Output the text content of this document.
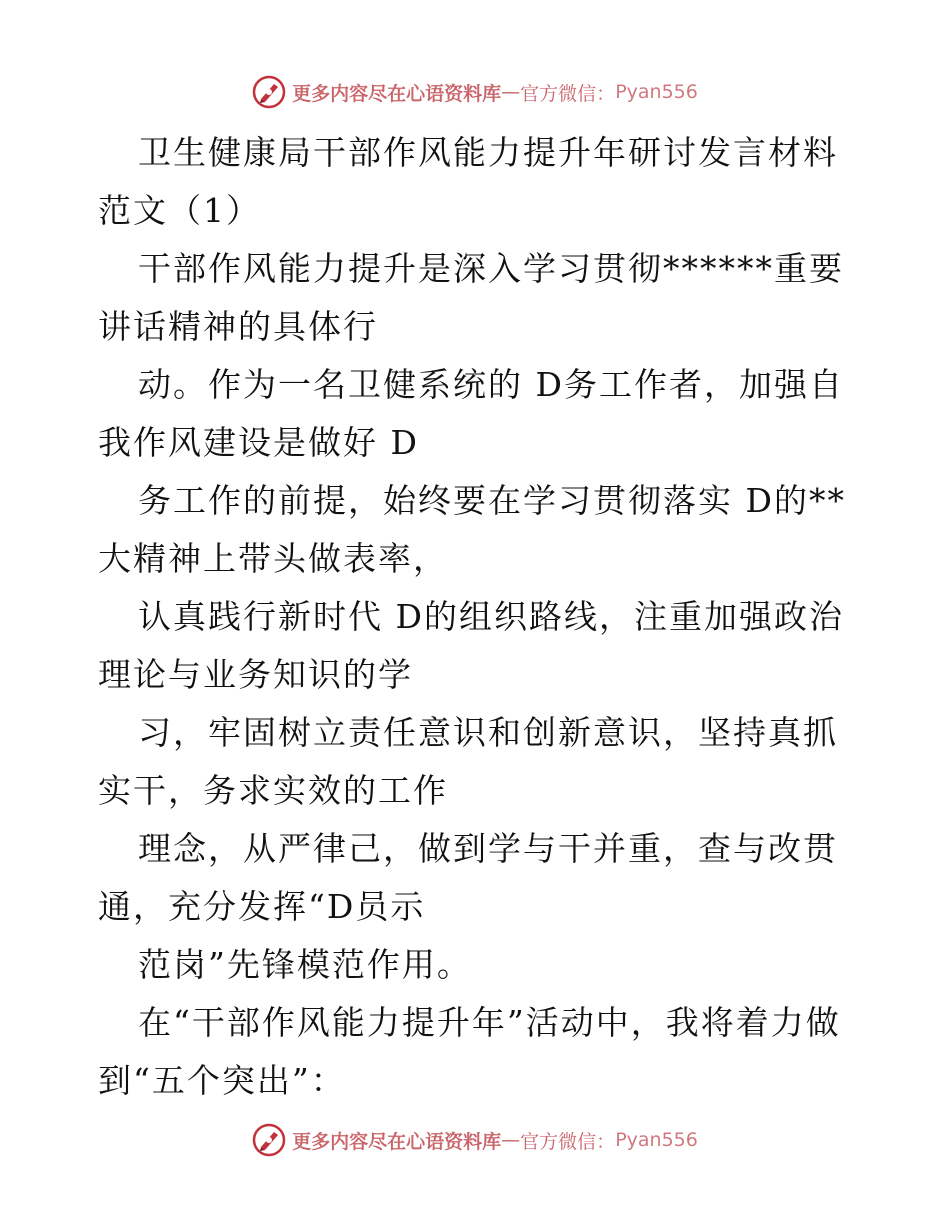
更多内容尽在心语资料库 — 官方微信： Pyan556

卫生健康局干部作风能力提升年研讨发言材料范文（1）

干部作风能力提升是深入学习贯彻******重要讲话精神的具体行

动。作为一名卫健系统的 D务工作者，加强自我作风建设是做好 D

务工作的前提，始终要在学习贯彻落实 D的**大精神上带头做表率，

认真践行新时代 D的组织路线，注重加强政治理论与业务知识的学

习，牢固树立责任意识和创新意识，坚持真抓实干，务求实效的工作

理念，从严律己，做到学与干并重，查与改贯通，充分发挥“D员示

范岗”先锋模范作用。

在“干部作风能力提升年”活动中，我将着力做到“五个突出”：

更多内容尽在心语资料库 — 官方微信： Pyan556
